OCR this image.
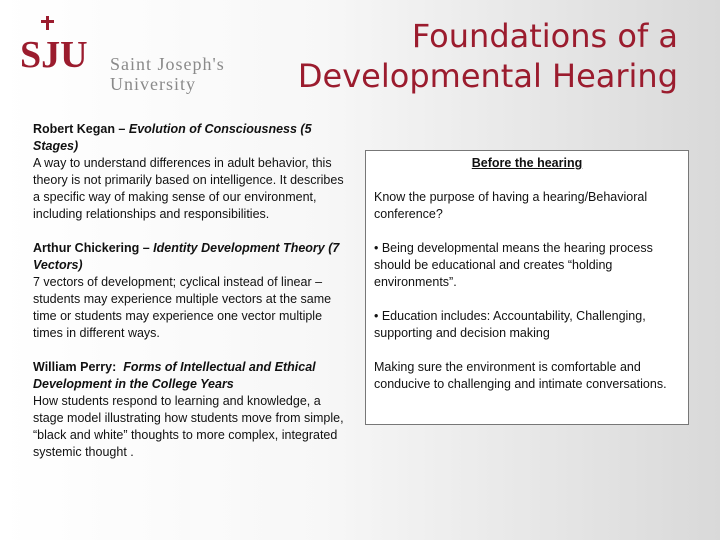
SJU Saint Joseph's
University
Foundations of a
Developmental Hearing
Robert Kegan – Evolution of Consciousness (5 Stages)
A way to understand differences in adult behavior, this theory is not primarily based on intelligence. It describes a specific way of making sense of our environment, including relationships and responsibilities.
Arthur Chickering – Identity Development Theory (7 Vectors)
7 vectors of development; cyclical instead of linear – students may experience multiple vectors at the same time or students may experience one vector multiple times in different ways.
William Perry: Forms of Intellectual and Ethical Development in the College Years
How students respond to learning and knowledge, a stage model illustrating how students move from simple, “black and white” thoughts to more complex, integrated systemic thought .
Before the hearing
Know the purpose of having a hearing/Behavioral conference?
• Being developmental means the hearing process should be educational and creates “holding environments”.
• Education includes: Accountability, Challenging, supporting and decision making
Making sure the environment is comfortable and conducive to challenging and intimate conversations.
